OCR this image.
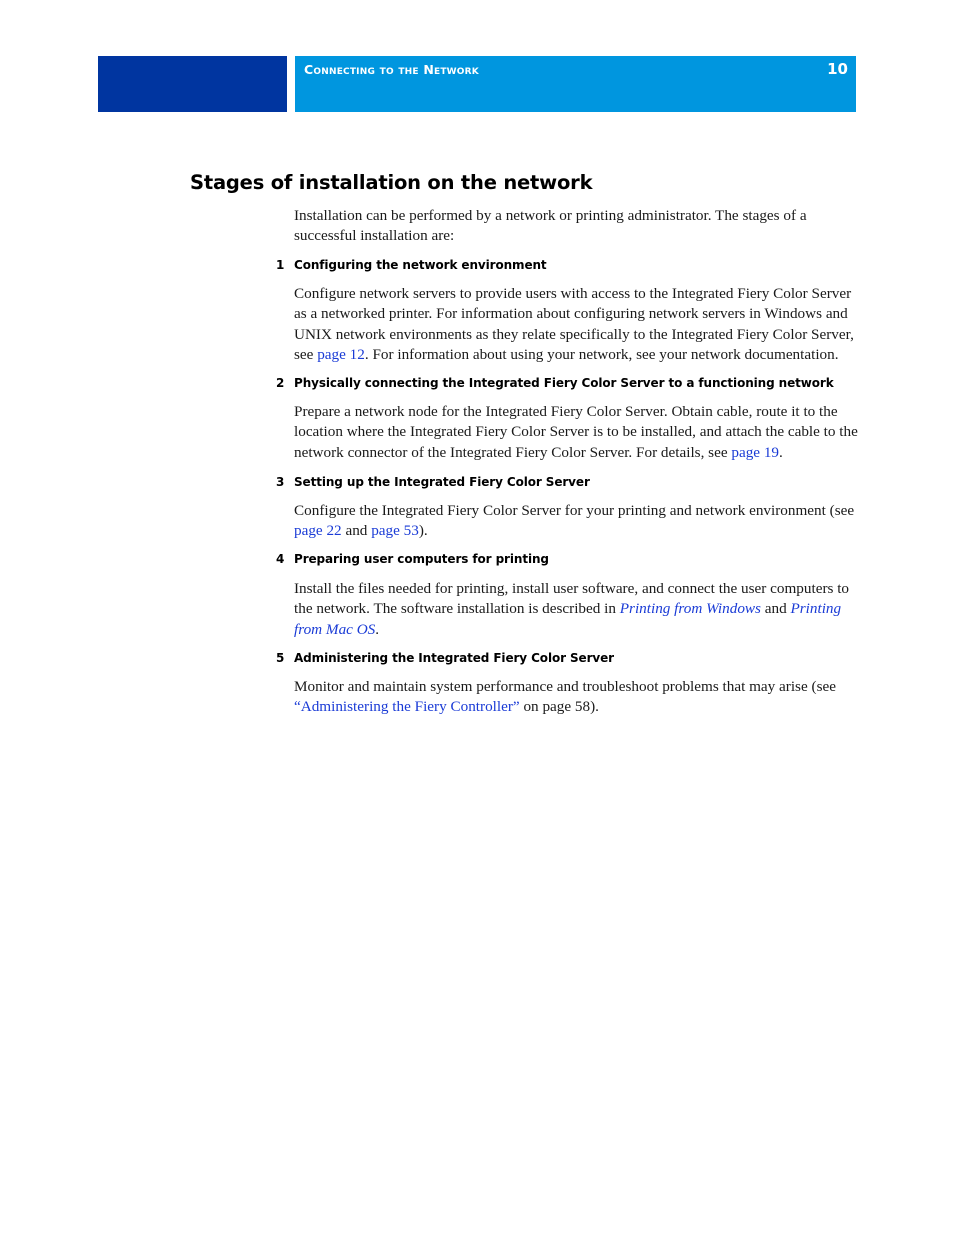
Connecting to the Network	10
Stages of installation on the network

Installation can be performed by a network or printing administrator. The stages of a successful installation are:

1 Configuring the network environment

Configure network servers to provide users with access to the Integrated Fiery Color Server as a networked printer. For information about configuring network servers in Windows and UNIX network environments as they relate specifically to the Integrated Fiery Color Server, see page 12. For information about using your network, see your network documentation.

2 Physically connecting the Integrated Fiery Color Server to a functioning network

Prepare a network node for the Integrated Fiery Color Server. Obtain cable, route it to the location where the Integrated Fiery Color Server is to be installed, and attach the cable to the network connector of the Integrated Fiery Color Server. For details, see page 19.

3 Setting up the Integrated Fiery Color Server

Configure the Integrated Fiery Color Server for your printing and network environment (see page 22 and page 53).

4 Preparing user computers for printing

Install the files needed for printing, install user software, and connect the user computers to the network. The software installation is described in Printing from Windows and Printing from Mac OS.

5 Administering the Integrated Fiery Color Server

Monitor and maintain system performance and troubleshoot problems that may arise (see “Administering the Fiery Controller” on page 58).
